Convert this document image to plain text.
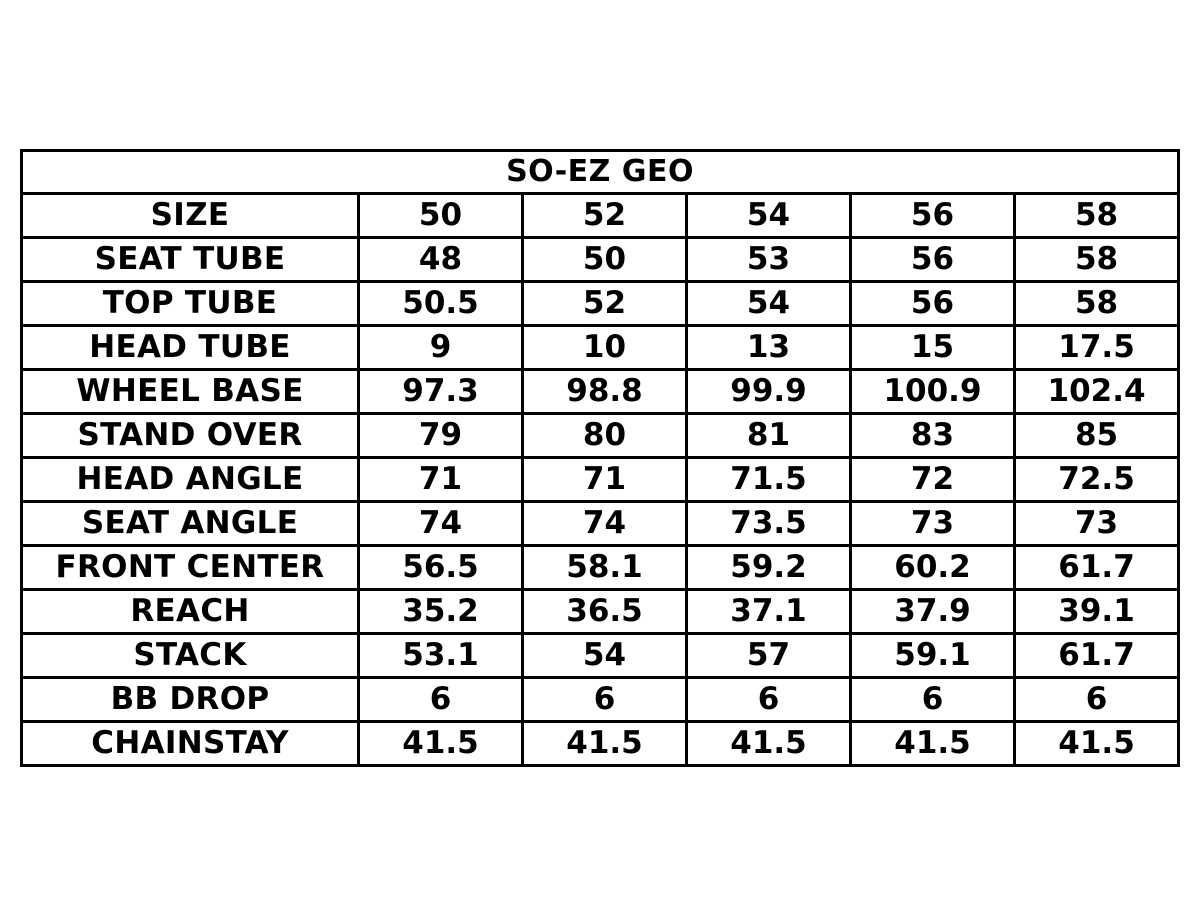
SO-EZ GEO					
SIZE	50	52	54	56	58
SEAT TUBE	48	50	53	56	58
TOP TUBE	50.5	52	54	56	58
HEAD TUBE	9	10	13	15	17.5
WHEEL BASE	97.3	98.8	99.9	100.9	102.4
STAND OVER	79	80	81	83	85
HEAD ANGLE	71	71	71.5	72	72.5
SEAT ANGLE	74	74	73.5	73	73
FRONT CENTER	56.5	58.1	59.2	60.2	61.7
REACH	35.2	36.5	37.1	37.9	39.1
STACK	53.1	54	57	59.1	61.7
BB DROP	6	6	6	6	6
CHAINSTAY	41.5	41.5	41.5	41.5	41.5
